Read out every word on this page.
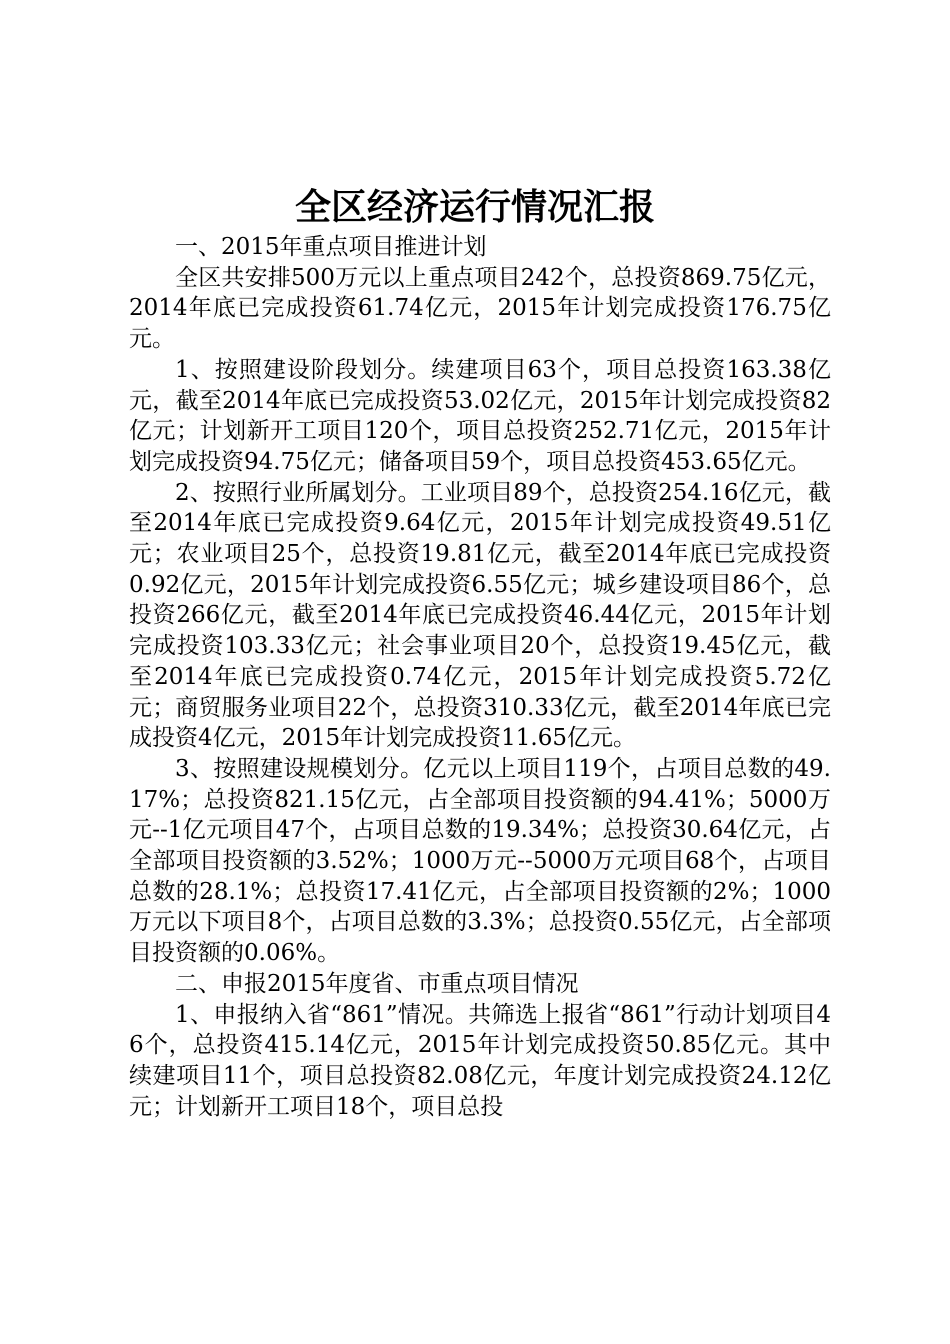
全区经济运行情况汇报

一、2015年重点项目推进计划

全区共安排500万元以上重点项目242个，总投资869.75亿元，2014年底已完成投资61.74亿元，2015年计划完成投资176.75亿元。

1、按照建设阶段划分。续建项目63个，项目总投资163.38亿元，截至2014年底已完成投资53.02亿元，2015年计划完成投资82亿元；计划新开工项目120个，项目总投资252.71亿元，2015年计划完成投资94.75亿元；储备项目59个，项目总投资453.65亿元。

2、按照行业所属划分。工业项目89个，总投资254.16亿元，截至2014年底已完成投资9.64亿元，2015年计划完成投资49.51亿元；农业项目25个，总投资19.81亿元，截至2014年底已完成投资0.92亿元，2015年计划完成投资6.55亿元；城乡建设项目86个，总投资266亿元，截至2014年底已完成投资46.44亿元，2015年计划完成投资103.33亿元；社会事业项目20个，总投资19.45亿元，截至2014年底已完成投资0.74亿元，2015年计划完成投资5.72亿元；商贸服务业项目22个，总投资310.33亿元，截至2014年底已完成投资4亿元，2015年计划完成投资11.65亿元。

3、按照建设规模划分。亿元以上项目119个，占项目总数的49.17%；总投资821.15亿元，占全部项目投资额的94.41%；5000万元--1亿元项目47个，占项目总数的19.34%；总投资30.64亿元，占全部项目投资额的3.52%；1000万元--5000万元项目68个，占项目总数的28.1%；总投资17.41亿元，占全部项目投资额的2%；1000万元以下项目8个，占项目总数的3.3%；总投资0.55亿元，占全部项目投资额的0.06%。

二、申报2015年度省、市重点项目情况

1、申报纳入省“861”情况。共筛选上报省“861”行动计划项目46个，总投资415.14亿元，2015年计划完成投资50.85亿元。其中续建项目11个，项目总投资82.08亿元，年度计划完成投资24.12亿元；计划新开工项目18个，项目总投
